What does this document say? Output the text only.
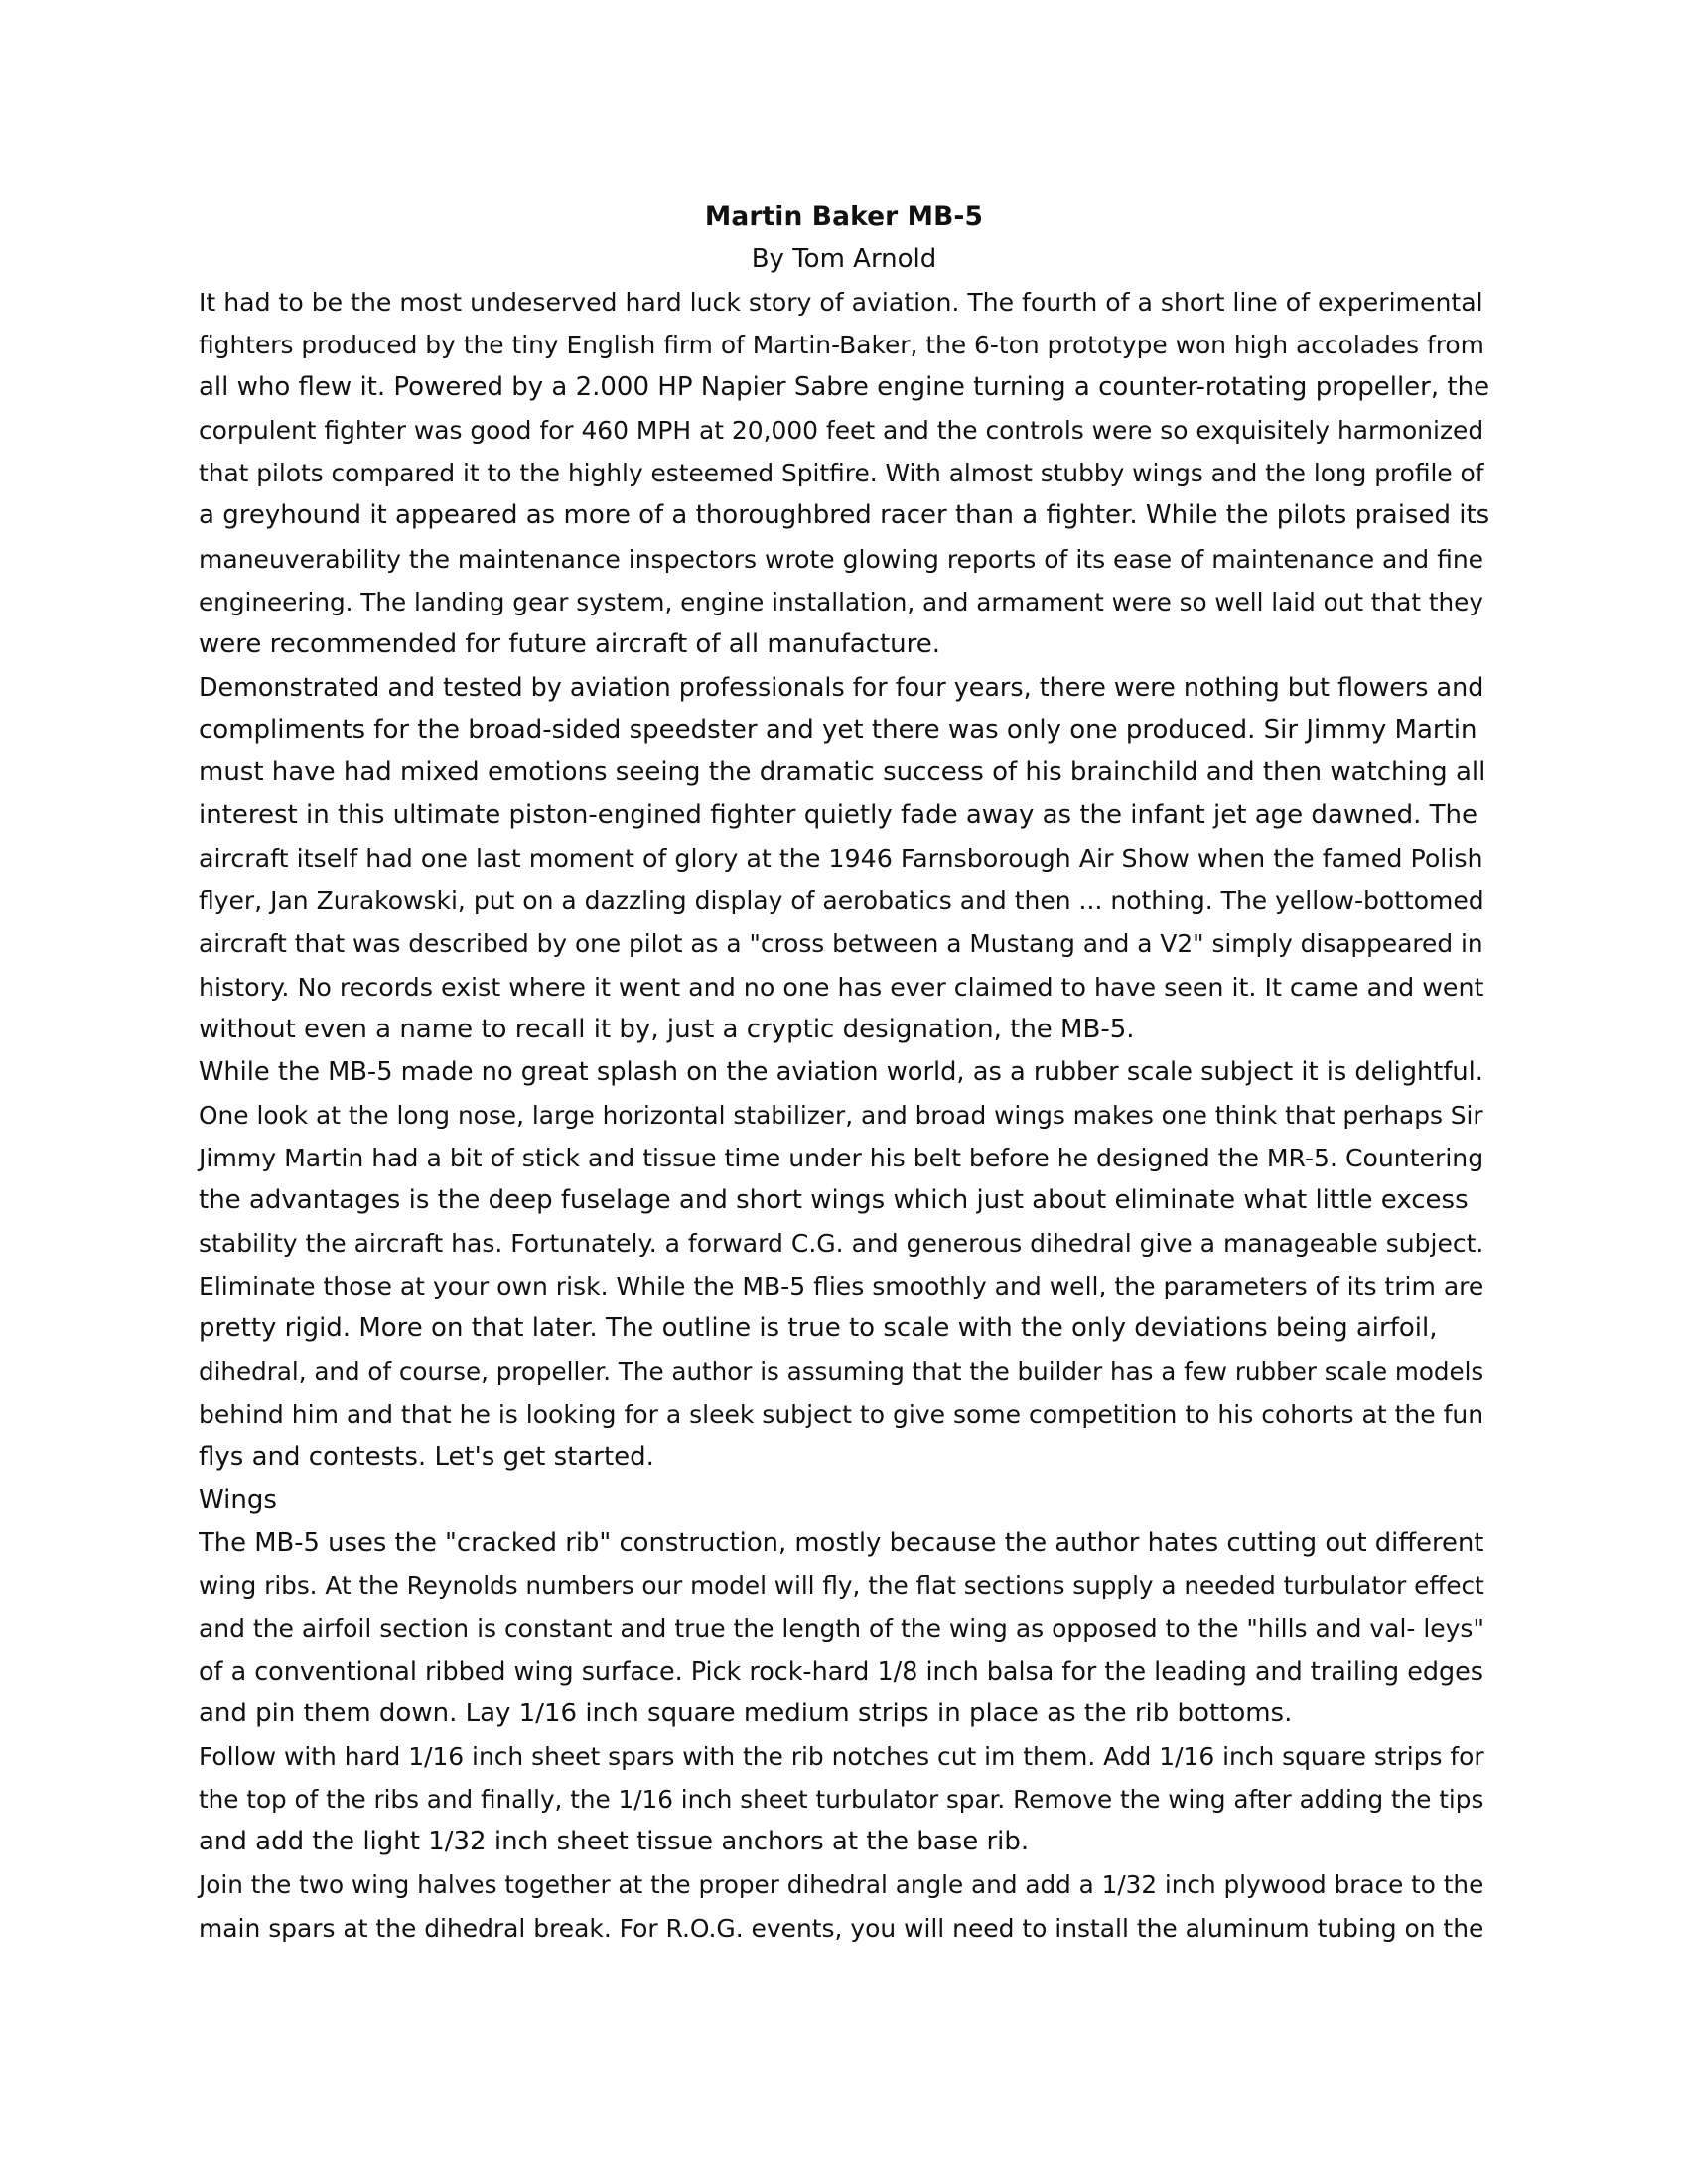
Martin Baker MB-5

By Tom Arnold

It had to be the most undeserved hard luck story of aviation. The fourth of a short line of experimental
fighters produced by the tiny English firm of Martin-Baker, the 6-ton prototype won high accolades from
all who flew it. Powered by a 2.000 HP Napier Sabre engine turning a counter-rotating propeller, the
corpulent fighter was good for 460 MPH at 20,000 feet and the controls were so exquisitely harmonized
that pilots compared it to the highly esteemed Spitfire. With almost stubby wings and the long profile of
a greyhound it appeared as more of a thoroughbred racer than a fighter. While the pilots praised its
maneuverability the maintenance inspectors wrote glowing reports of its ease of maintenance and fine
engineering. The landing gear system, engine installation, and armament were so well laid out that they
were recommended for future aircraft of all manufacture.

Demonstrated and tested by aviation professionals for four years, there were nothing but flowers and
compliments for the broad-sided speedster and yet there was only one produced. Sir Jimmy Martin
must have had mixed emotions seeing the dramatic success of his brainchild and then watching all
interest in this ultimate piston-engined fighter quietly fade away as the infant jet age dawned. The
aircraft itself had one last moment of glory at the 1946 Farnsborough Air Show when the famed Polish
flyer, Jan Zurakowski, put on a dazzling display of aerobatics and then ... nothing. The yellow-bottomed
aircraft that was described by one pilot as a "cross between a Mustang and a V2" simply disappeared in
history. No records exist where it went and no one has ever claimed to have seen it. It came and went
without even a name to recall it by, just a cryptic designation, the MB-5.

While the MB-5 made no great splash on the aviation world, as a rubber scale subject it is delightful.
One look at the long nose, large horizontal stabilizer, and broad wings makes one think that perhaps Sir
Jimmy Martin had a bit of stick and tissue time under his belt before he designed the MR-5. Countering
the advantages is the deep fuselage and short wings which just about eliminate what little excess
stability the aircraft has. Fortunately. a forward C.G. and generous dihedral give a manageable subject.
Eliminate those at your own risk. While the MB-5 flies smoothly and well, the parameters of its trim are
pretty rigid. More on that later. The outline is true to scale with the only deviations being airfoil,
dihedral, and of course, propeller. The author is assuming that the builder has a few rubber scale models
behind him and that he is looking for a sleek subject to give some competition to his cohorts at the fun
flys and contests. Let's get started.

Wings

The MB-5 uses the "cracked rib" construction, mostly because the author hates cutting out different
wing ribs. At the Reynolds numbers our model will fly, the flat sections supply a needed turbulator effect
and the airfoil section is constant and true the length of the wing as opposed to the "hills and val- leys"
of a conventional ribbed wing surface. Pick rock-hard 1/8 inch balsa for the leading and trailing edges
and pin them down. Lay 1/16 inch square medium strips in place as the rib bottoms.

Follow with hard 1/16 inch sheet spars with the rib notches cut im them. Add 1/16 inch square strips for
the top of the ribs and finally, the 1/16 inch sheet turbulator spar. Remove the wing after adding the tips
and add the light 1/32 inch sheet tissue anchors at the base rib.

Join the two wing halves together at the proper dihedral angle and add a 1/32 inch plywood brace to the
main spars at the dihedral break. For R.O.G. events, you will need to install the aluminum tubing on the
